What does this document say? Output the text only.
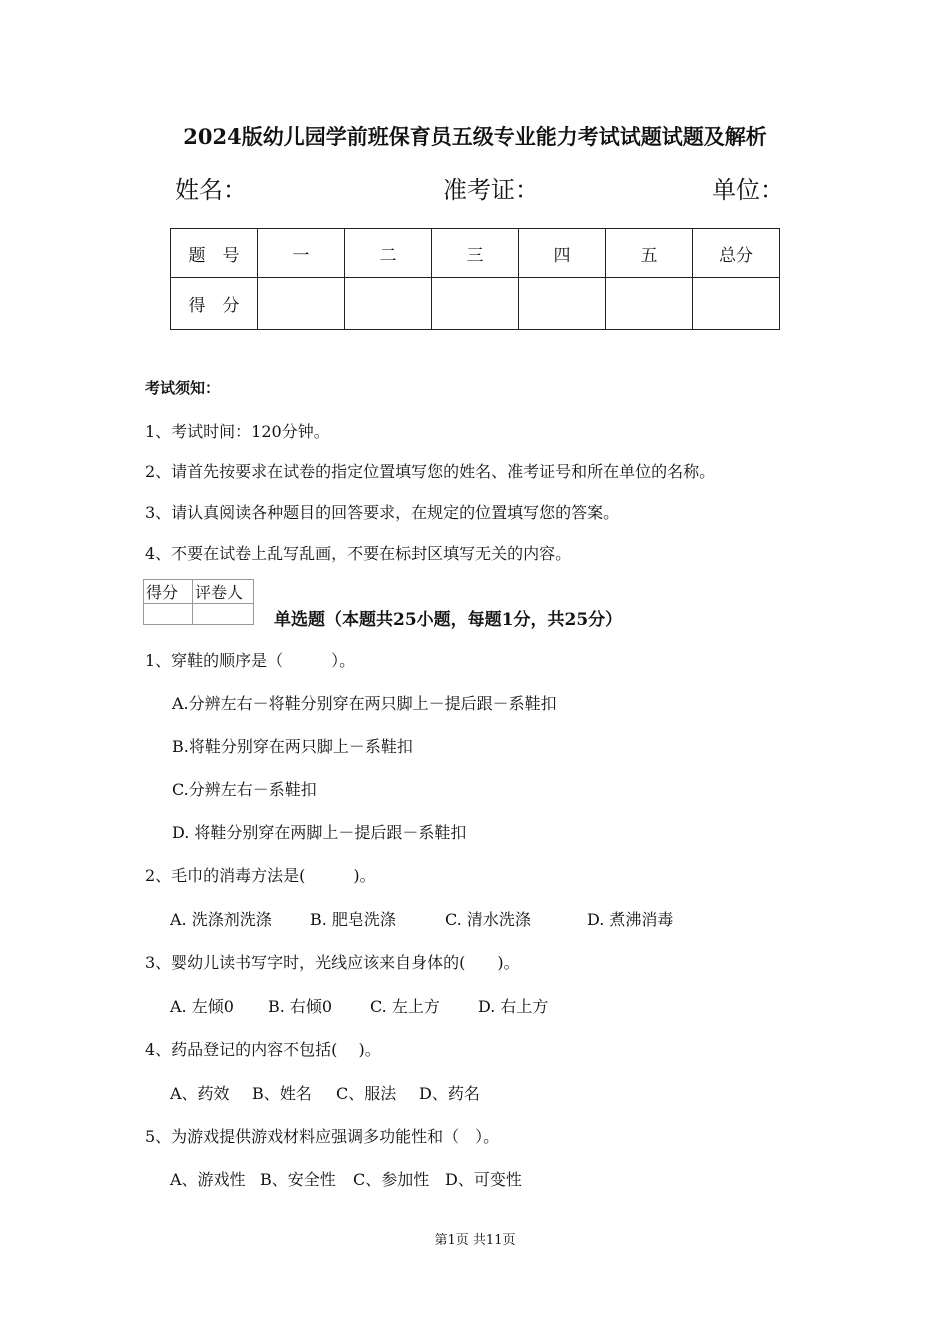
2024版幼儿园学前班保育员五级专业能力考试试题试题及解析
姓名：	准考证：	单位：
题　号	一	二	三	四	五	总分
得　分						
考试须知：
1、考试时间：120分钟。
2、请首先按要求在试卷的指定位置填写您的姓名、准考证号和所在单位的名称。
3、请认真阅读各种题目的回答要求，在规定的位置填写您的答案。
4、不要在试卷上乱写乱画，不要在标封区填写无关的内容。
得分	评卷人

单选题（本题共25小题，每题1分，共25分）
1、穿鞋的顺序是（　　　）。
A.分辨左右－将鞋分别穿在两只脚上－提后跟－系鞋扣
B.将鞋分别穿在两只脚上－系鞋扣
C.分辨左右－系鞋扣
D. 将鞋分别穿在两脚上－提后跟－系鞋扣
2、毛巾的消毒方法是(　　　)。
A. 洗涤剂洗涤 B. 肥皂洗涤	C. 清水洗涤	D. 煮沸消毒
3、婴幼儿读书写字时，光线应该来自身体的(　　)。
A. 左倾0 B. 右倾0 C. 左上方 D. 右上方
4、药品登记的内容不包括(　 )。
A、药效 B、姓名 C、服法 D、药名
5、为游戏提供游戏材料应强调多功能性和（　）。
A、游戏性 B、安全性 C、参加性 D、可变性
第1页 共11页
